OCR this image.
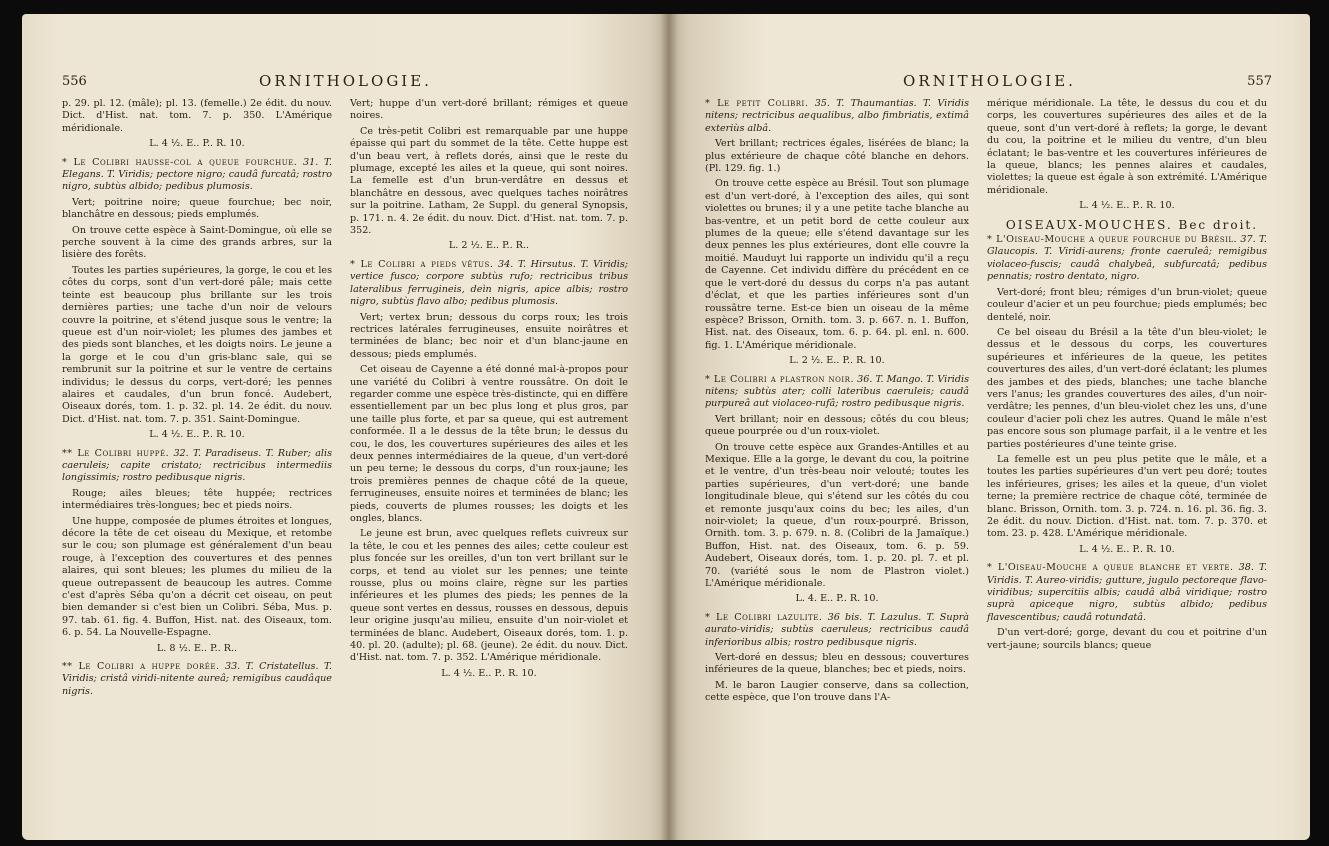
556	ORNITHOLOGIE.

p. 29. pl. 12. (mâle); pl. 13. (femelle.) 2e édit. du nouv. Dict. d'Hist. nat. tom. 7. p. 350. L'Amérique méridionale.

L. 4 ½. E.. P.. R. 10.

* Le Colibri hausse-col a queue fourchue. 31. T. Elegans. T. Viridis; pectore nigro; caudâ furcatâ; rostro nigro, subtùs albido; pedibus plumosis.

Vert; poitrine noire; queue fourchue; bec noir, blanchâtre en dessous; pieds emplumés.

On trouve cette espèce à Saint-Domingue, où elle se perche souvent à la cime des grands arbres, sur la lisière des forêts.

Toutes les parties supérieures, la gorge, le cou et les côtes du corps, sont d'un vert-doré pâle; mais cette teinte est beaucoup plus brillante sur les trois dernières parties; une tache d'un noir de velours couvre la poitrine, et s'étend jusque sous le ventre; la queue est d'un noir-violet; les plumes des jambes et des pieds sont blanches, et les doigts noirs. Le jeune a la gorge et le cou d'un gris-blanc sale, qui se rembrunit sur la poitrine et sur le ventre de certains individus; le dessus du corps, vert-doré; les pennes alaires et caudales, d'un brun foncé. Audebert, Oiseaux dorés, tom. 1. p. 32. pl. 14. 2e édit. du nouv. Dict. d'Hist. nat. tom. 7. p. 351. Saint-Domingue.

L. 4 ½. E.. P.. R. 10.

** Le Colibri huppé. 32. T. Paradiseus. T. Ruber; alis caeruleis; capite cristato; rectricibus intermediis longissimis; rostro pedibusque nigris.

Rouge; ailes bleues; tête huppée; rectrices intermédiaires très-longues; bec et pieds noirs.

Une huppe, composée de plumes étroites et longues, décore la tête de cet oiseau du Mexique, et retombe sur le cou; son plumage est généralement d'un beau rouge, à l'exception des couvertures et des pennes alaires, qui sont bleues; les plumes du milieu de la queue outrepassent de beaucoup les autres. Comme c'est d'après Séba qu'on a décrit cet oiseau, on peut bien demander si c'est bien un Colibri. Séba, Mus. p. 97. tab. 61. fig. 4. Buffon, Hist. nat. des Oiseaux, tom. 6. p. 54. La Nouvelle-Espagne.

L. 8 ½. E.. P.. R..

** Le Colibri a huppe dorée. 33. T. Cristatellus. T. Viridis; cristâ viridi-nitente aureâ; remigibus caudâque nigris.

Vert; huppe d'un vert-doré brillant; rémiges et queue noires.

Ce très-petit Colibri est remarquable par une huppe épaisse qui part du sommet de la tête. Cette huppe est d'un beau vert, à reflets dorés, ainsi que le reste du plumage, excepté les ailes et la queue, qui sont noires. La femelle est d'un brun-verdâtre en dessus et blanchâtre en dessous, avec quelques taches noirâtres sur la poitrine. Latham, 2e Suppl. du general Synopsis, p. 171. n. 4. 2e édit. du nouv. Dict. d'Hist. nat. tom. 7. p. 352.

L. 2 ½. E.. P.. R..

* Le Colibri a pieds vêtus. 34. T. Hirsutus. T. Viridis; vertice fusco; corpore subtùs rufo; rectricibus tribus lateralibus ferrugineis, deìn nigris, apice albis; rostro nigro, subtùs flavo albo; pedibus plumosis.

Vert; vertex brun; dessous du corps roux; les trois rectrices latérales ferrugineuses, ensuite noirâtres et terminées de blanc; bec noir et d'un blanc-jaune en dessous; pieds emplumés.

Cet oiseau de Cayenne a été donné mal-à-propos pour une variété du Colibri à ventre roussâtre. On doit le regarder comme une espèce très-distincte, qui en diffère essentiellement par un bec plus long et plus gros, par une taille plus forte, et par sa queue, qui est autrement conformée. Il a le dessus de la tête brun; le dessus du cou, le dos, les couvertures supérieures des ailes et les deux pennes intermédiaires de la queue, d'un vert-doré un peu terne; le dessous du corps, d'un roux-jaune; les trois premières pennes de chaque côté de la queue, ferrugineuses, ensuite noires et terminées de blanc; les pieds, couverts de plumes rousses; les doigts et les ongles, blancs.

Le jeune est brun, avec quelques reflets cuivreux sur la tête, le cou et les pennes des ailes; cette couleur est plus foncée sur les oreilles, d'un ton vert brillant sur le corps, et tend au violet sur les pennes; une teinte rousse, plus ou moins claire, règne sur les parties inférieures et les plumes des pieds; les pennes de la queue sont vertes en dessus, rousses en dessous, depuis leur origine jusqu'au milieu, ensuite d'un noir-violet et terminées de blanc. Audebert, Oiseaux dorés, tom. 1. p. 40. pl. 20. (adulte); pl. 68. (jeune). 2e édit. du nouv. Dict. d'Hist. nat. tom. 7. p. 352. L'Amérique méridionale.

L. 4 ½. E.. P.. R. 10.

557
ORNITHOLOGIE.

* Le petit Colibri. 35. T. Thaumantias. T. Viridis nitens; rectricibus aequalibus, albo fimbriatis, extimâ exteriùs albâ.

Vert brillant; rectrices égales, lisérées de blanc; la plus extérieure de chaque côté blanche en dehors. (Pl. 129. fig. 1.)

On trouve cette espèce au Brésil. Tout son plumage est d'un vert-doré, à l'exception des ailes, qui sont violettes ou brunes; il y a une petite tache blanche au bas-ventre, et un petit bord de cette couleur aux plumes de la queue; elle s'étend davantage sur les deux pennes les plus extérieures, dont elle couvre la moitié. Mauduyt lui rapporte un individu qu'il a reçu de Cayenne. Cet individu diffère du précédent en ce que le vert-doré du dessus du corps n'a pas autant d'éclat, et que les parties inférieures sont d'un roussâtre terne. Est-ce bien un oiseau de la même espèce? Brisson, Ornith. tom. 3. p. 667. n. 1. Buffon, Hist. nat. des Oiseaux, tom. 6. p. 64. pl. enl. n. 600. fig. 1. L'Amérique méridionale.

L. 2 ½. E.. P.. R. 10.

* Le Colibri a plastron noir. 36. T. Mango. T. Viridis nitens; subtùs ater; colli lateribus caeruleis; caudâ purpureâ aut violaceo-rufâ; rostro pedibusque nigris.

Vert brillant; noir en dessous; côtés du cou bleus; queue pourprée ou d'un roux-violet.

On trouve cette espèce aux Grandes-Antilles et au Mexique. Elle a la gorge, le devant du cou, la poitrine et le ventre, d'un très-beau noir velouté; toutes les parties supérieures, d'un vert-doré; une bande longitudinale bleue, qui s'étend sur les côtés du cou et remonte jusqu'aux coins du bec; les ailes, d'un noir-violet; la queue, d'un roux-pourpré. Brisson, Ornith. tom. 3. p. 679. n. 8. (Colibri de la Jamaïque.) Buffon, Hist. nat. des Oiseaux, tom. 6. p. 59. Audebert, Oiseaux dorés, tom. 1. p. 20. pl. 7. et pl. 70. (variété sous le nom de Plastron violet.) L'Amérique méridionale.

L. 4. E.. P.. R. 10.

* Le Colibri lazulite. 36 bis. T. Lazulus. T. Suprà aurato-viridis; subtùs caeruleus; rectricibus caudâ inferioribus albis; rostro pedibusque nigris.

Vert-doré en dessus; bleu en dessous; couvertures inférieures de la queue, blanches; bec et pieds, noirs.

M. le baron Laugier conserve, dans sa collection, cette espèce, que l'on trouve dans l'A-

mérique méridionale. La tête, le dessus du cou et du corps, les couvertures supérieures des ailes et de la queue, sont d'un vert-doré à reflets; la gorge, le devant du cou, la poitrine et le milieu du ventre, d'un bleu éclatant; le bas-ventre et les couvertures inférieures de la queue, blancs; les pennes alaires et caudales, violettes; la queue est égale à son extrémité. L'Amérique méridionale.

L. 4 ½. E.. P.. R. 10.

OISEAUX-MOUCHES. Bec droit.

* L'Oiseau-Mouche a queue fourchue du Brésil. 37. T. Glaucopis. T. Viridi-aurens; fronte caeruleâ; remigibus violaceo-fuscis; caudâ chalybeâ, subfurcatâ; pedibus pennatis; rostro dentato, nigro.

Vert-doré; front bleu; rémiges d'un brun-violet; queue couleur d'acier et un peu fourchue; pieds emplumés; bec dentelé, noir.

Ce bel oiseau du Brésil a la tête d'un bleu-violet; le dessus et le dessous du corps, les couvertures supérieures et inférieures de la queue, les petites couvertures des ailes, d'un vert-doré éclatant; les plumes des jambes et des pieds, blanches; une tache blanche vers l'anus; les grandes couvertures des ailes, d'un noir-verdâtre; les pennes, d'un bleu-violet chez les uns, d'une couleur d'acier poli chez les autres. Quand le mâle n'est pas encore sous son plumage parfait, il a le ventre et les parties postérieures d'une teinte grise.

La femelle est un peu plus petite que le mâle, et a toutes les parties supérieures d'un vert peu doré; toutes les inférieures, grises; les ailes et la queue, d'un violet terne; la première rectrice de chaque côté, terminée de blanc. Brisson, Ornith. tom. 3. p. 724. n. 16. pl. 36. fig. 3. 2e édit. du nouv. Diction. d'Hist. nat. tom. 7. p. 370. et tom. 23. p. 428. L'Amérique méridionale.

L. 4 ½. E.. P.. R. 10.

* L'Oiseau-Mouche a queue blanche et verte. 38. T. Viridis. T. Aureo-viridis; gutture, jugulo pectoreque flavo-viridibus; supercitiis albis; caudâ albâ viridique; rostro suprà apiceque nigro, subtùs albido; pedibus flavescentibus; caudâ rotundatâ.

D'un vert-doré; gorge, devant du cou et poitrine d'un vert-jaune; sourcils blancs; queue
